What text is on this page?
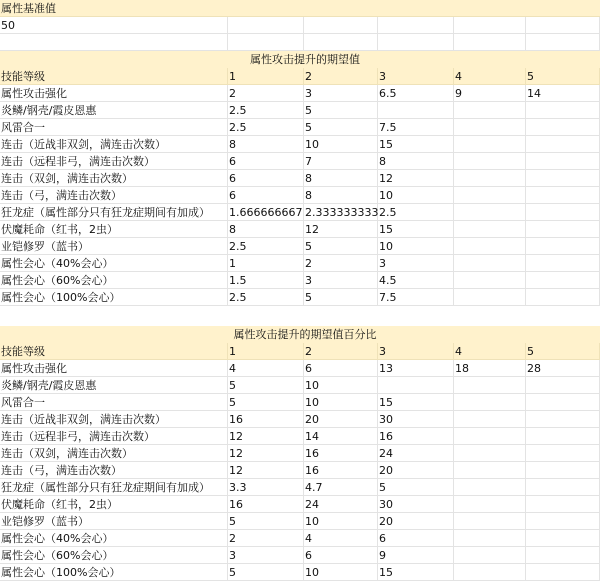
属性基准值
50
属性攻击提升的期望值
技能等级	1	2	3	4	5
属性攻击强化	2	3	6.5	9	14
炎鳞/钢壳/霞皮恩惠	2.5	5
风雷合一	2.5	5	7.5
连击（近战非双剑，满连击次数）	8	10	15
连击（远程非弓，满连击次数）	6	7	8
连击（双剑，满连击次数）	6	8	12
连击（弓，满连击次数）	6	8	10
狂龙症（属性部分只有狂龙症期间有加成）	1.666666667 2.333333333 2.5
伏魔耗命（红书，2虫）	8	12	15
业铠修罗（蓝书）	2.5	5	10
属性会心（40%会心）	1	2	3
属性会心（60%会心）	1.5	3	4.5
属性会心（100%会心）	2.5	5	7.5
属性攻击提升的期望值百分比
技能等级	1	2	3	4	5
属性攻击强化	4	6	13	18	28
炎鳞/钢壳/霞皮恩惠	5	10
风雷合一	5	10	15
连击（近战非双剑，满连击次数）	16	20	30
连击（远程非弓，满连击次数）	12	14	16
连击（双剑，满连击次数）	12	16	24
连击（弓，满连击次数）	12	16	20
狂龙症（属性部分只有狂龙症期间有加成）	3.3	4.7	5
伏魔耗命（红书，2虫）	16	24	30
业铠修罗（蓝书）	5	10	20
属性会心（40%会心）	2	4	6
属性会心（60%会心）	3	6	9
属性会心（100%会心）	5	10	15
